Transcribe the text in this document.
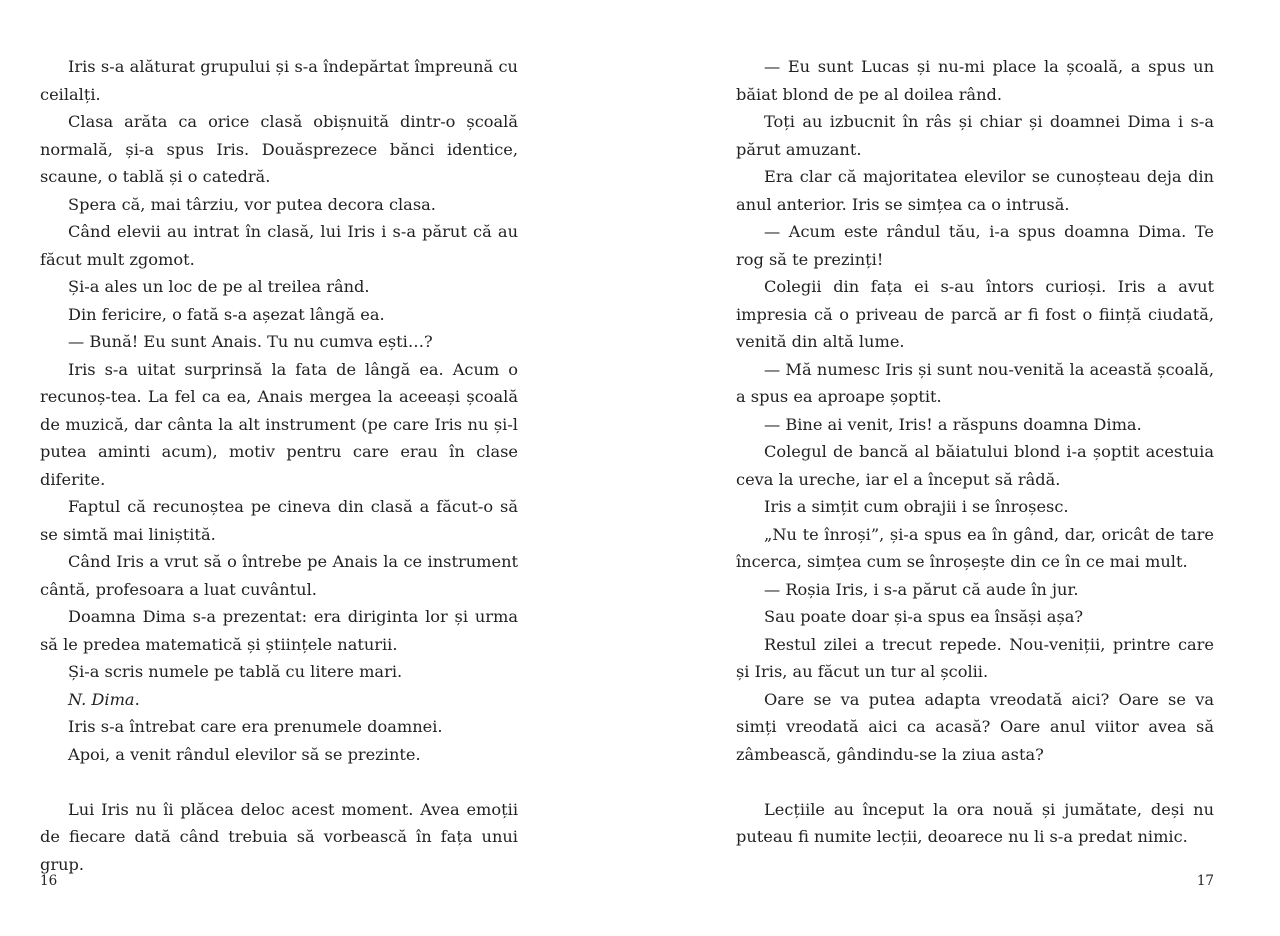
Iris s-a alăturat grupului și s-a îndepărtat împreună cu ceilalți.

Clasa arăta ca orice clasă obișnuită dintr-o școală normală, și-a spus Iris. Douăsprezece bănci identice, scaune, o tablă și o catedră.

Spera că, mai târziu, vor putea decora clasa.

Când elevii au intrat în clasă, lui Iris i s-a părut că au făcut mult zgomot.

Și-a ales un loc de pe al treilea rând.

Din fericire, o fată s-a așezat lângă ea.

— Bună! Eu sunt Anais. Tu nu cumva ești…?

Iris s-a uitat surprinsă la fata de lângă ea. Acum o recunoș-tea. La fel ca ea, Anais mergea la aceeași școală de muzică, dar cânta la alt instrument (pe care Iris nu și-l putea aminti acum), motiv pentru care erau în clase diferite.

Faptul că recunoștea pe cineva din clasă a făcut-o să se simtă mai liniștită.

Când Iris a vrut să o întrebe pe Anais la ce instrument cântă, profesoara a luat cuvântul.

Doamna Dima s-a prezentat: era diriginta lor și urma să le predea matematică și științele naturii.

Și-a scris numele pe tablă cu litere mari.

N. Dima.

Iris s-a întrebat care era prenumele doamnei.

Apoi, a venit rândul elevilor să se prezinte.

Lui Iris nu îi plăcea deloc acest moment. Avea emoții de fiecare dată când trebuia să vorbească în fața unui grup.

— Eu sunt Lucas și nu-mi place la școală, a spus un băiat blond de pe al doilea rând.

Toți au izbucnit în râs și chiar și doamnei Dima i s-a părut amuzant.

Era clar că majoritatea elevilor se cunoșteau deja din anul anterior. Iris se simțea ca o intrusă.

— Acum este rândul tău, i-a spus doamna Dima. Te rog să te prezinți!

Colegii din fața ei s-au întors curioși. Iris a avut impresia că o priveau de parcă ar fi fost o ființă ciudată, venită din altă lume.

— Mă numesc Iris și sunt nou-venită la această școală, a spus ea aproape șoptit.

— Bine ai venit, Iris! a răspuns doamna Dima.

Colegul de bancă al băiatului blond i-a șoptit acestuia ceva la ureche, iar el a început să râdă.

Iris a simțit cum obrajii i se înroșesc.

„Nu te înroși”, și-a spus ea în gând, dar, oricât de tare încerca, simțea cum se înroșește din ce în ce mai mult.

— Roșia Iris, i s-a părut că aude în jur.

Sau poate doar și-a spus ea însăși așa?

Restul zilei a trecut repede. Nou-veniții, printre care și Iris, au făcut un tur al școlii.

Oare se va putea adapta vreodată aici? Oare se va simți vreodată aici ca acasă? Oare anul viitor avea să zâmbească, gândindu-se la ziua asta?

Lecțiile au început la ora nouă și jumătate, deși nu puteau fi numite lecții, deoarece nu li s-a predat nimic.

16	17
